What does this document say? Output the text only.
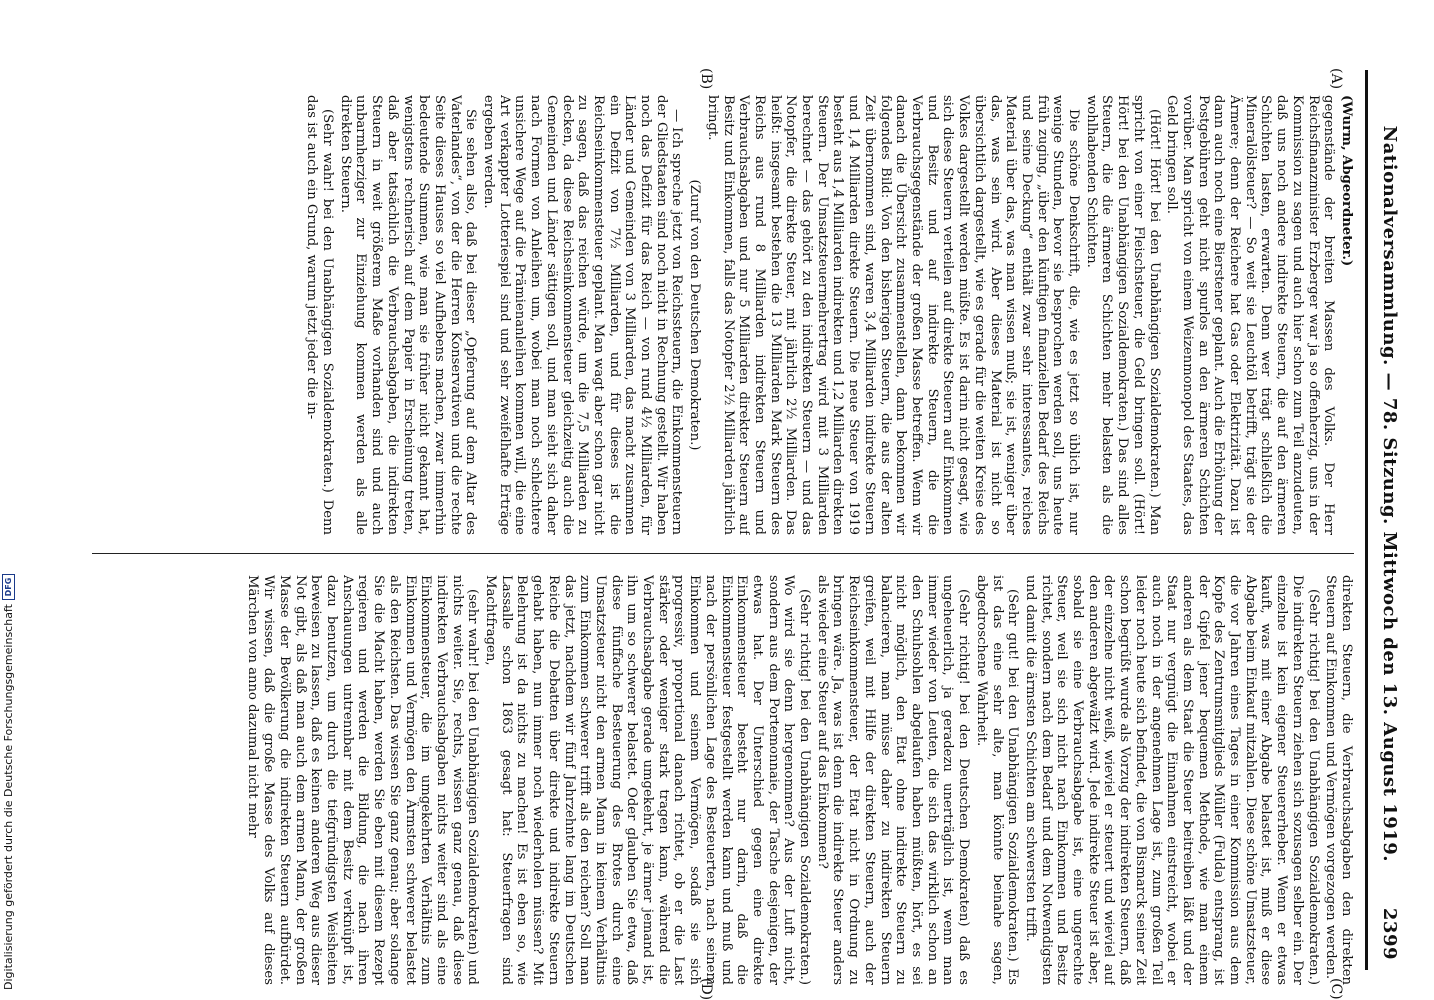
Nationalversammlung. — 78. Sitzung. Mittwoch den 13. August 1919.
2399
(A)
(B)
(C)
(D)

(Wurm, Abgeordneter.)

gegenstände der breiten Massen des Volks. Der Herr Reichsfinanzminister Erzberger war ja so offenherzig, uns in der Kommission zu sagen und auch hier schon zum Teil anzudeuten, daß uns noch andere indirekte Steuern, die auf den ärmeren Schichten lasten, erwarten. Denn wer trägt schließlich die Mineralölsteuer? — So weit sie Leuchtöl betrifft, trägt sie der Ärmere; denn der Reichere hat Gas oder Elektrizität. Dazu ist dann auch noch eine Bierstener geplant. Auch die Erhöhung der Postgebühren geht nicht spurlos an den ärmeren Schichten vorüber. Man spricht von einem Weizenmonopol des Staates, das Geld bringen soll.

(Hört! Hört! bei den Unabhängigen Sozialdemokraten.) Man spricht von einer Fleischsteuer, die Geld bringen soll. (Hört! Hört! bei den Unabhängigen Sozialdemokraten.) Das sind alles Steuern, die die ärmeren Schichten mehr belasten als die wohlhabenden Schichten.

Die schöne Denkschrift, die, wie es jetzt so üblich ist, nur wenige Stunden, bevor sie besprochen werden soll, uns heute früh zuging, „über den künftigen finanziellen Bedarf des Reichs und seine Deckung“ enthält zwar sehr interessantes, reiches Material über das, was man wissen muß; sie ist, weniger über das, was sein wird. Aber dieses Material ist nicht so übersichtlich dargestellt, wie es gerade für die weiten Kreise des Volkes dargestellt werden müßte. Es ist darin nicht gesagt, wie sich diese Steuern verteilen auf direkte Steuern auf Einkommen und Besitz und auf indirekte Steuern, die die Verbrauchsgegenstände der großen Masse betreffen. Wenn wir danach die Übersicht zusammenstellen, dann bekommen wir folgendes Bild: Von den bisherigen Steuern, die aus der alten Zeit übernommen sind, waren 3,4 Milliarden indirekte Steuern und 1,4 Milliarden direkte Steuern. Die neue Steuer von 1919 besteht aus 1,4 Milliarden indirekten und 1,2 Milliarden direkten Steuern. Der Umsatzsteuermehrertrag wird mit 3 Milliarden berechnet — das gehört zu den indirekten Steuern — und das Notopfer, die direkte Steuer, mit jährlich 2½ Milliarden. Das heißt: insgesamt bestehen die 13 Milliarden Mark Steuern des Reichs aus rund 8 Milliarden indirekten Steuern und Verbrauchsabgaben und nur 5 Milliarden direkter Steuern auf Besitz und Einkommen, falls das Notopfer 2½ Milliarden jährlich bringt.

(Zuruf von den Deutschen Demokraten.)

— Ich spreche jetzt von Reichssteuern, die Einkommensteuern der Gliedstaaten sind noch nicht in Rechnung gestellt. Wir haben noch das Defizit für das Reich — von rund 4½ Milliarden, für Länder und Gemeinden von 3 Milliarden, das macht zusammen ein Defizit von 7½ Milliarden, und für dieses ist die Reichseinkommensteuer geplant. Man wagt aber schon gar nicht zu sagen, daß das reichen würde, um die 7,5 Milliarden zu decken, da diese Reichseinkommensteuer gleichzeitig auch die Gemeinden und Länder sättigen soll, und man sieht sich daher nach Formen von Anleihen um, wobei man noch schlechtere unsichere Wege auf die Prämienanleihen kommen will, die eine Art verkappter Lotteriespiel sind und sehr zweifelhafte Erträge ergeben werden.

Sie sehen also, daß bei dieser „Opferung auf dem Altar des Vaterlandes“, von der die Herren Konservativen und die rechte Seite dieses Hauses so viel Aufhebens machen, zwar immerhin bedeutende Summen, wie man sie früher nicht gekannt hat, wenigstens rechnerisch auf dem Papier in Erscheinung treten, daß aber tatsächlich die Verbrauchsabgaben, die indirekten Steuern in weit größerem Maße vorhanden sind und auch unbarmherziger zur Einziehung kommen werden als alle direkten Steuern.

(Sehr wahr! bei den Unabhängigen Sozialdemokraten.) Denn das ist auch ein Grund, warum jetzt jeder die in-

direkten Steuern, die Verbrauchsabgaben den direkten Steuern auf Einkommen und Vermögen vorgezogen werden.

(Sehr richtig! bei den Unabhängigen Sozialdemokraten.) Die indirekten Steuern ziehen sich sozusagen selber ein. Der einzelne ist kein eigener Steuererheber. Wenn er etwas kauft, was mit einer Abgabe belastet ist, muß er diese Abgabe beim Einkauf mitzahlen. Diese schöne Umsatzsteuer, die vor Jahren eines Tages in einer Kommission aus dem Kopfe des Zentrumsmitglieds Müller (Fulda) entsprang, ist der Gipfel jener bequemen Methode, wie man einem anderen als dem Staat die Steuer beitreiben läßt und der Staat nur vergnügt die Einnahmen einstreicht, wobei er auch noch in der angenehmen Lage ist, zum großen Teil leider noch heute sich befindet, die von Bismarck seiner Zeit schon begrüßt wurde als Vorzug der indirekten Steuern, daß der einzelne nicht weiß, wieviel er steuert und wieviel auf den anderen abgewälzt wird. Jede indirekte Steuer ist aber, sobald sie eine Verbrauchsabgabe ist, eine ungerechte Steuer, weil sie sich nicht nach Einkommen und Besitz richtet, sondern nach dem Bedarf und dem Notwendigsten und damit die ärmsten Schichten am schwersten trifft.

(Sehr gut! bei den Unabhängigen Sozialdemokraten.) Es ist das eine sehr alte, man könnte beinahe sagen, abgedroschene Wahrheit.

(Sehr richtig! bei den Deutschen Demokraten) daß es ungeheuerlich, ja geradezu unerträglich ist, wenn man immer wieder von Leuten, die sich das wirklich schon an den Schuhsohlen abgelaufen haben müßten, hört, es sei nicht möglich, den Etat ohne indirekte Steuern zu balancieren, man müsse daher zu indirekten Steuern greifen, weil mit Hilfe der direkten Steuern, auch der Reichseinkommensteuer, der Etat nicht in Ordnung zu bringen wäre. Ja, was ist denn die indirekte Steuer anders als wieder eine Steuer auf das Einkommen?

(Sehr richtig! bei den Unabhängigen Sozialdemokraten.) Wo wird sie denn hergenommen? Aus der Luft nicht, sondern aus dem Portemonnaie, der Tasche desjenigen, der etwas hat. Der Unterschied gegen eine direkte Einkommensteuer besteht nur darin, daß die Einkommensteuer festgestellt werden kann und muß und nach der persönlichen Lage des Besteuerten, nach seinem Einkommen und seinem Vermögen, sodaß sie sich progressiv, proportional danach richtet, ob er die Last stärker oder weniger stark tragen kann, während die Verbrauchsabgabe gerade umgekehrt, je ärmer jemand ist, ihn um so schwerer belastet. Oder glauben Sie etwa, daß diese fünffache Besteuerung des Brotes durch eine Umsatzsteuer nicht den armen Mann in keinem Verhältnis zum Einkommen schwerer trifft als den reichen? Soll man das jetzt, nachdem wir fünf Jahrzehnte lang im Deutschen Reiche die Debatten über direkte und indirekte Steuern gehabt haben, nun immer noch wiederholen müssen? Mit Belehrung ist da nichts zu machen! Es ist eben so, wie Lassalle schon 1863 gesagt hat: Steuerfragen sind Machtfragen,

(sehr wahr! bei den Unabhängigen Sozialdemokraten) und nichts weiter. Sie, rechts, wissen ganz genau, daß diese indirekten Verbrauchsabgaben nichts weiter sind als eine Einkommensteuer, die im umgekehrten Verhältnis zum Einkommen und Vermögen den Ärmsten schwerer belastet als den Reichsten. Das wissen Sie ganz genau; aber solange Sie die Macht haben, werden Sie eben mit diesem Rezept regieren und werden die Bildung, die nach ihren Anschauungen untrennbar mit dem Besitz verknüpft ist, dazu benutzen, um durch die tiefgründigsten Weisheiten beweisen zu lassen, daß es keinen anderen Weg aus dieser Not gibt, als daß man auch dem armen Mann, der großen Masse der Bevölkerung die indirekten Steuern aufbürdet. Wir wissen, daß die große Masse des Volks auf dieses Märchen von anno dazumal nicht mehr

Digitalisierung gefördert durch die Deutsche Forschungsgemeinschaft
DFG
